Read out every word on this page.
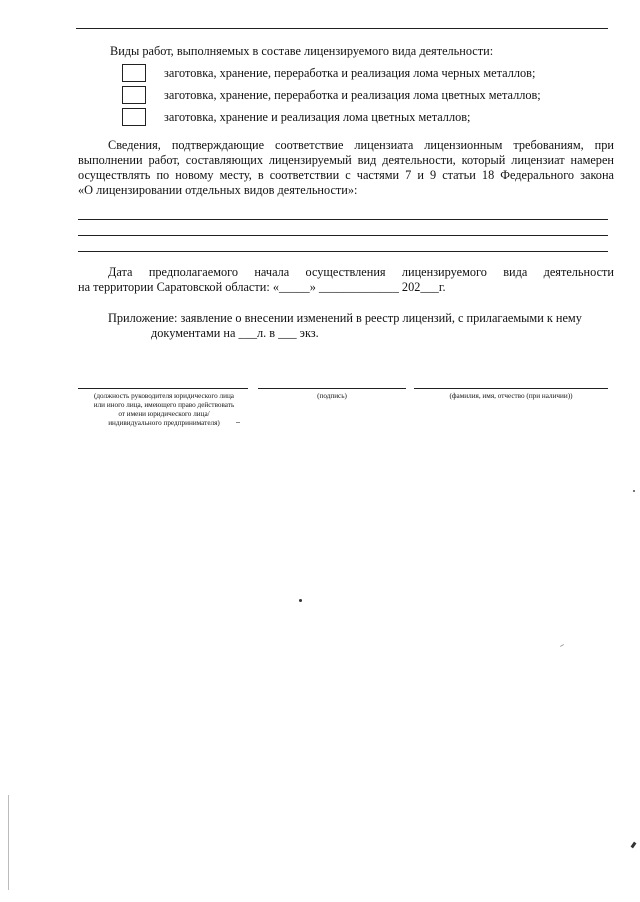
Виды работ, выполняемых в составе лицензируемого вида деятельности:
заготовка, хранение, переработка и реализация лома черных металлов;
заготовка, хранение, переработка и реализация лома цветных металлов;
заготовка, хранение и реализация лома цветных металлов;
Сведения, подтверждающие соответствие лицензиата лицензионным требованиям, при
выполнении работ, составляющих лицензируемый вид деятельности, который лицензиат намерен
осуществлять по новому месту, в соответствии с частями 7 и 9 статьи 18 Федерального закона
«О лицензировании отдельных видов деятельности»:
Дата предполагаемого начала осуществления лицензируемого вида деятельности
на территории Саратовской области: «_____» _____________ 202___г.
Приложение: заявление о внесении изменений в реестр лицензий, с прилагаемыми к нему
документами на ___л. в ___ экз.
(должность руководителя юридического лица
или иного лица, имеющего право действовать
от имени юридического лица/
индивидуального предпринимателя)
(подпись)	(фамилия, имя, отчество (при наличии))
